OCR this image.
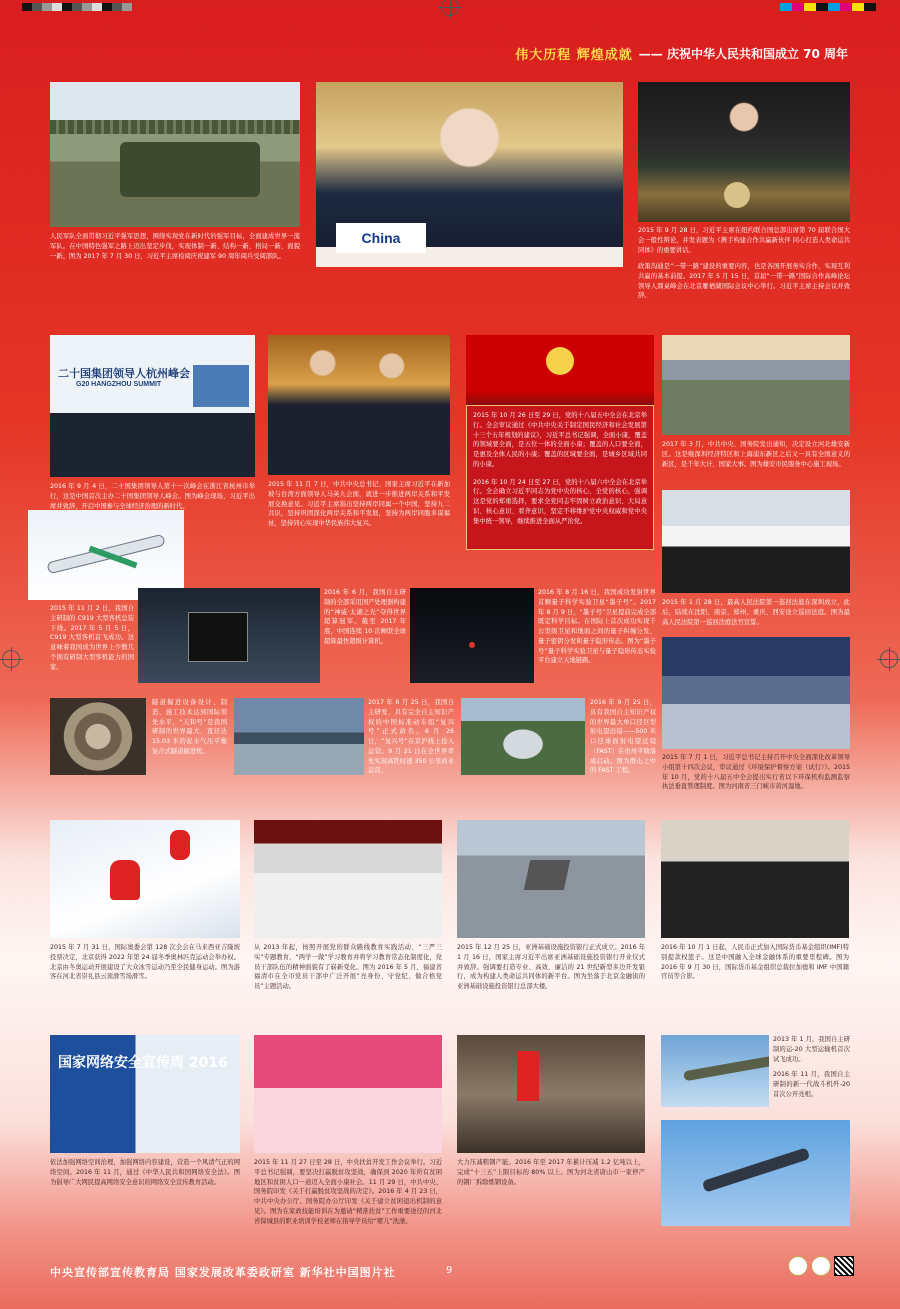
伟大历程 辉煌成就 —— 庆祝中华人民共和国成立 70 周年
人民军队全面贯彻习近平强军思想，围绕实现党在新时代的强军目标，全面建成世界一流军队。在中国特色强军之路上迈出坚定步伐，实现体制一新、结构一新、格局一新、面貌一新。图为 2017 年 7 月 30 日，习近平主席检阅庆祝建军 90 周年阅兵受阅部队。
China	2015 年 9 月 28 日，习近平主席在纽约联合国总部出席第 70 届联合国大会一般性辩论，并发表题为《携手构建合作共赢新伙伴 同心打造人类命运共同体》的重要讲话。
政策沟通是“一带一路”建设的重要内容，也是各国开展务实合作、实现互利共赢的基本前提。2017 年 5 月 15 日，首届“一带一路”国际合作高峰论坛领导人圆桌峰会在北京雁栖湖国际会议中心举行。习近平主席主持会议并致辞。
二十国集团领导人杭州峰会
G20 HANGZHOU SUMMIT
2016 年 9 月 4 日，二十国集团领导人第十一次峰会在浙江省杭州市举行，这是中国首次主办二十国集团领导人峰会。图为峰会现场，习近平出席并致辞，开启中国参与全球经济治理的新时代。
2015 年 11 月 7 日，中共中央总书记、国家主席习近平在新加坡与台湾方面领导人马英九会面，就进一步推进两岸关系和平发展交换意见。习近平主席指出坚持两岸同属一个中国，坚持九二共识，坚持巩固深化两岸关系和平发展，坚持为两岸同胞多谋福祉，坚持同心实现中华民族伟大复兴。
2015 年 10 月 26 日至 29 日，党的十八届五中全会在北京举行。全会审议通过《中共中央关于制定国民经济和社会发展第十三个五年规划的建议》，习近平总书记强调，全面小康，覆盖的领域要全面，是五位一体的全面小康；覆盖的人口要全面，是惠及全体人民的小康；覆盖的区域要全面，是城乡区域共同的小康。
2016 年 10 月 24 日至 27 日，党的十八届六中全会在北京举行。全会确立习近平同志为党中央的核心、全党的核心，强调这是党的郑重选择，要求全党同志牢固树立政治意识、大局意识、核心意识、看齐意识，坚定不移维护党中央权威和党中央集中统一领导，继续推进全面从严治党。
2017 年 3 月，中共中央、国务院发出通知，决定设立河北雄安新区。这是继深圳经济特区和上海浦东新区之后又一具有全国意义的新区，是千年大计、国家大事。图为雄安市民服务中心施工现场。
2015 年 11 月 2 日，我国自主研制的 C919 大型客机总装下线。2017 年 5 月 5 日，C919 大型客机首飞成功。这意味着我国成为世界上少数几个拥有研制大型客机能力的国家。
2016 年 6 月，我国自主研制的全部采用国产处理器构建的“神威·太湖之光”夺得世界超算冠军。截至 2017 年底，中国连续 10 次蝉联全球超算最快超级计算机。
2016 年 8 月 16 日，我国成功发射世界首颗量子科学实验卫星“墨子号”。2017 年 8 月 9 日，“墨子号”卫星提前完成全部既定科学目标。在国际上首次成功实现千公里级卫星和地面之间的量子纠缠分发、量子密钥分发和量子隐形传态。图为“墨子号”量子科学实验卫星与量子隐形传态实验平台建立天地链路。
2015 年 1 月 28 日，最高人民法院第一巡回法庭在深圳成立，此后，陆续在沈阳、南京、郑州、重庆、西安设立巡回法庭。图为最高人民法院第一巡回法庭法官宣誓。
隧道掘进设备设计、制造、施工技术达到国际领先水平，“天和号”是我国研制的世界最大、直径达 15.03 米的泥水气压平衡复合式隧道掘进机。
2017 年 6 月 25 日，我国自主研发、具有完全自主知识产权的中国标准动车组“复兴号”正式命名。6 月 26 日，“复兴号”在京沪线上投入运营。9 月 21 日在全世界率先实现高铁时速 350 公里商业运营。
2016 年 9 月 25 日，具有我国自主知识产权的世界最大单口径巨型射电望远镜——500 米口径球面射电望远镜（FAST）在贵州平塘落成启动。图为群山之中的 FAST 工程。
2015 年 7 月 1 日，习近平总书记主持召开中央全面深化改革领导小组第十四次会议，审议通过《环境保护督察方案（试行）》。2015 年 10 月，党的十八届五中全会提出实行省以下环保机构监测监察执法垂直管理制度。图为河南省三门峡市黄河湿地。
2015 年 7 月 31 日，国际奥委会第 128 次全会在马来西亚吉隆坡投票决定，北京获得 2022 年第 24 届冬季奥林匹克运动会举办权。北京由冬奥运动开展建设了大众冰雪运动乃至全民健身运动。图为游客在河北省崇礼县云顶滑雪场滑雪。
从 2013 年起，按照开展党的群众路线教育实践活动、“三严三实”专题教育、“两学一做”学习教育并将学习教育常态化制度化，党员干部队伍的精神面貌有了崭新变化。图为 2016 年 5 月，福建省福清市在全市党员干部中广泛开展“亮身份、守党纪、做合格党员”主题活动。
2015 年 12 月 25 日，亚洲基础设施投资银行正式成立。2016 年 1 月 16 日，国家主席习近平出席亚洲基础设施投资银行开业仪式并致辞。强调要打造专业、高效、廉洁的 21 世纪新型多边开发银行，成为构建人类命运共同体的新平台。图为坐落于北京金融街的亚洲基础设施投资银行总部大楼。
2016 年 10 月 1 日起，人民币正式加入国际货币基金组织(IMF)特别提款权篮子。这是中国融入全球金融体系的重要里程碑。图为 2016 年 9 月 30 日，国际货币基金组织总裁拉加德和 IMF 中国籍官员等合影。
国家网络安全宣传周 2016
依法加强网络空间治理，加强网络内容建设，营造一个风清气正的网络空间。2016 年 11 月，通过《中华人民共和国网络安全法》。图为倡导广大网民提高网络安全意识的网络安全宣传教育活动。
2015 年 11 月 27 日至 28 日，中央扶贫开发工作会议举行。习近平总书记强调，要坚决打赢脱贫攻坚战，确保到 2020 年所有贫困地区和贫困人口一道迈入全面小康社会。11 月 29 日，中共中央、国务院印发《关于打赢脱贫攻坚战的决定》。2016 年 4 月 23 日，中共中央办公厅、国务院办公厅印发《关于建立贫困退出机制的意见》。图为在家政技能培训在为邀请“精准扶贫”工作重要途径的河北省保城县的职业培训学校老师在指导学员给“婴儿”洗澡。
大力压减粗钢产能。2016 年至 2017 年累计压减 1.2 亿吨以上，完成“十三五”上限目标的 80% 以上。图为河北省唐山市一家停产的钢厂拆除炼钢设备。
2013 年 1 月，我国自主研制的运-20 大型运输机首次试飞成功。
2016 年 11 月，我国自主研制的新一代战斗机歼-20 首次公开亮相。
中央宣传部宣传教育局 国家发展改革委政研室 新华社中国图片社	9
